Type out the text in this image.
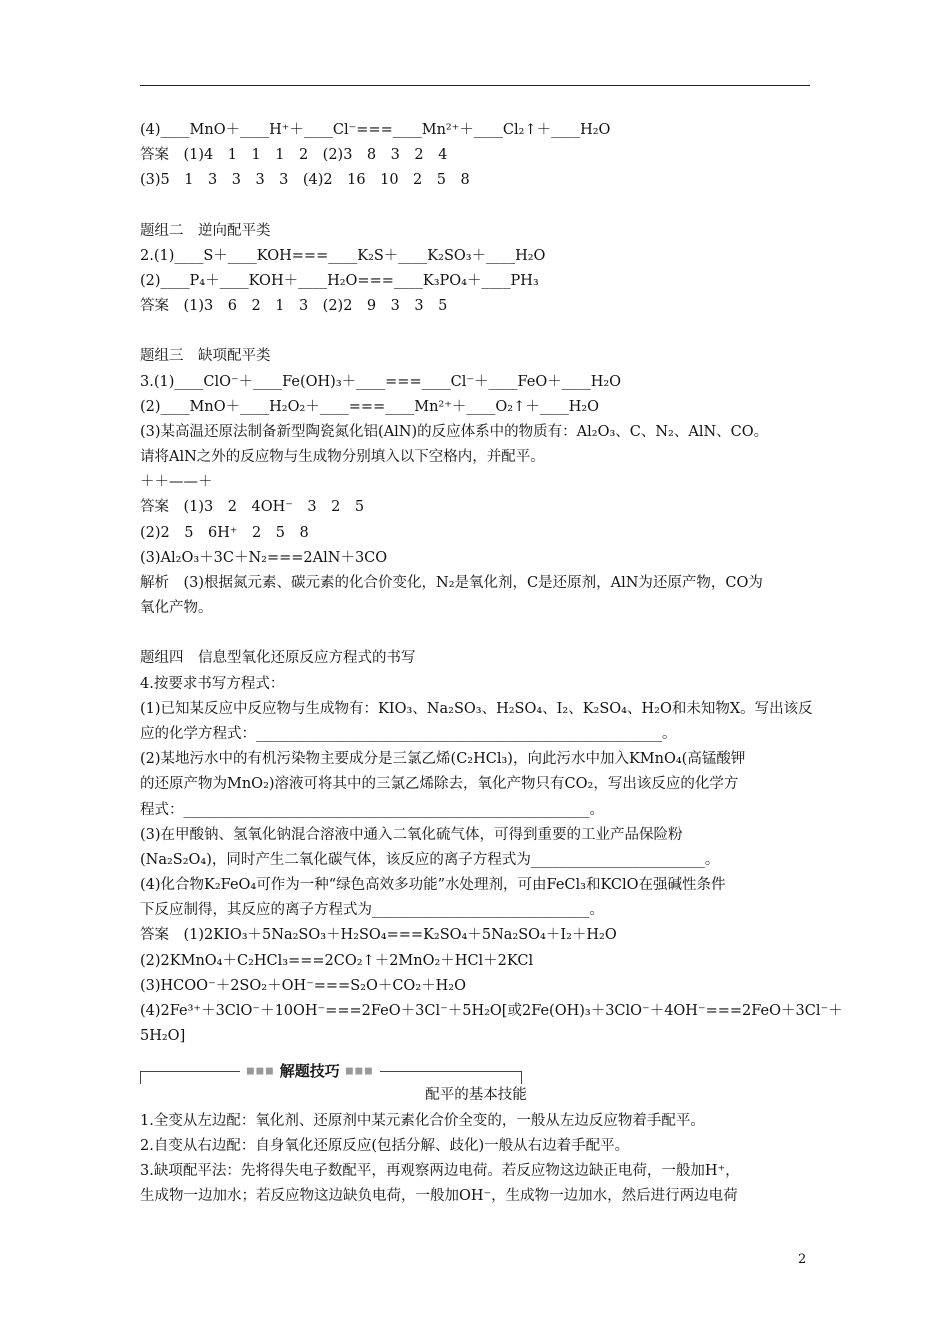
(4)____MnO＋____H⁺＋____Cl⁻===____Mn²⁺＋____Cl₂↑＋____H₂O
答案　(1)4　1　1　1　2　(2)3　8　3　2　4
(3)5　1　3　3　3　3　(4)2　16　10　2　5　8
题组二　逆向配平类
2.(1)____S＋____KOH===____K₂S＋____K₂SO₃＋____H₂O
(2)____P₄＋____KOH＋____H₂O===____K₃PO₄＋____PH₃
答案　(1)3　6　2　1　3　(2)2　9　3　3　5
题组三　缺项配平类
3.(1)____ClO⁻＋____Fe(OH)₃＋____===____Cl⁻＋____FeO＋____H₂O
(2)____MnO＋____H₂O₂＋____===____Mn²⁺＋____O₂↑＋____H₂O
(3)某高温还原法制备新型陶瓷氮化铝(AlN)的反应体系中的物质有：Al₂O₃、C、N₂、AlN、CO。
请将AlN之外的反应物与生成物分别填入以下空格内，并配平。
＋＋——＋
答案　(1)3　2　4OH⁻　3　2　5
(2)2　5　6H⁺　2　5　8
(3)Al₂O₃＋3C＋N₂===2AlN＋3CO
解析　(3)根据氮元素、碳元素的化合价变化，N₂是氧化剂，C是还原剂，AlN为还原产物，CO为
氧化产物。
题组四　信息型氧化还原反应方程式的书写
4.按要求书写方程式：
(1)已知某反应中反应物与生成物有：KIO₃、Na₂SO₃、H₂SO₄、I₂、K₂SO₄、H₂O和未知物X。写出该反
应的化学方程式：________________________________________________________。
(2)某地污水中的有机污染物主要成分是三氯乙烯(C₂HCl₃)，向此污水中加入KMnO₄(高锰酸钾
的还原产物为MnO₂)溶液可将其中的三氯乙烯除去，氧化产物只有CO₂，写出该反应的化学方
程式：________________________________________________________。
(3)在甲酸钠、氢氧化钠混合溶液中通入二氧化硫气体，可得到重要的工业产品保险粉
(Na₂S₂O₄)，同时产生二氧化碳气体，该反应的离子方程式为________________________。
(4)化合物K₂FeO₄可作为一种“绿色高效多功能”水处理剂，可由FeCl₃和KClO在强碱性条件
下反应制得，其反应的离子方程式为______________________________。
答案　(1)2KIO₃＋5Na₂SO₃＋H₂SO₄===K₂SO₄＋5Na₂SO₄＋I₂＋H₂O
(2)2KMnO₄＋C₂HCl₃===2CO₂↑＋2MnO₂＋HCl＋2KCl
(3)HCOO⁻＋2SO₂＋OH⁻===S₂O＋CO₂＋H₂O
(4)2Fe³⁺＋3ClO⁻＋10OH⁻===2FeO＋3Cl⁻＋5H₂O[或2Fe(OH)₃＋3ClO⁻＋4OH⁻===2FeO＋3Cl⁻＋
5H₂O]
■■■ 解题技巧 ■■■
配平的基本技能
1.全变从左边配：氧化剂、还原剂中某元素化合价全变的，一般从左边反应物着手配平。
2.自变从右边配：自身氧化还原反应(包括分解、歧化)一般从右边着手配平。
3.缺项配平法：先将得失电子数配平，再观察两边电荷。若反应物这边缺正电荷，一般加H⁺，
生成物一边加水；若反应物这边缺负电荷，一般加OH⁻，生成物一边加水，然后进行两边电荷
2
